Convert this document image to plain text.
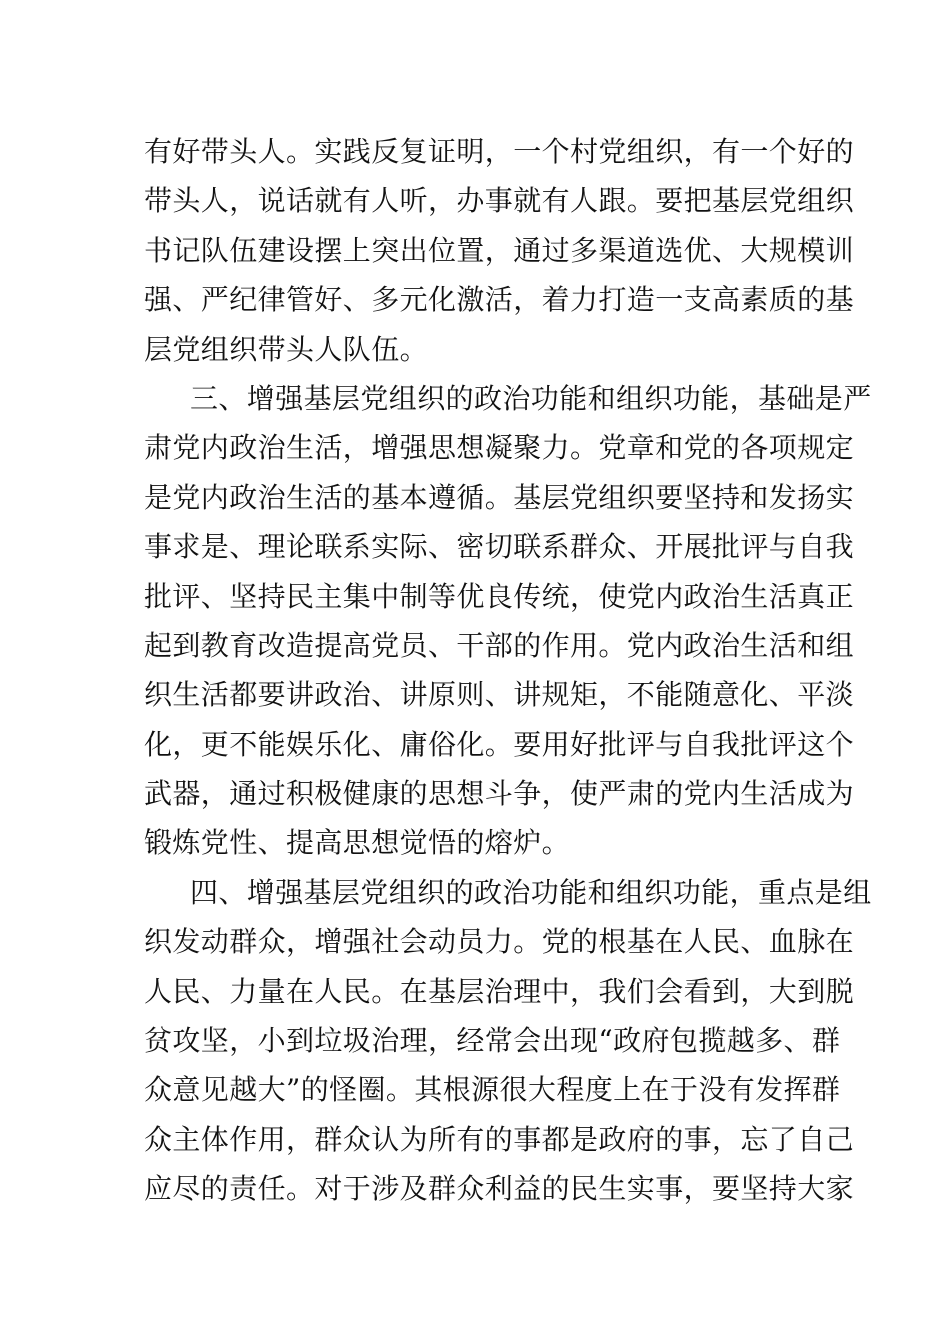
有好带头人。实践反复证明，一个村党组织，有一个好的
带头人，说话就有人听，办事就有人跟。要把基层党组织
书记队伍建设摆上突出位置，通过多渠道选优、大规模训
强、严纪律管好、多元化激活，着力打造一支高素质的基
层党组织带头人队伍。
三、增强基层党组织的政治功能和组织功能，基础是严
肃党内政治生活，增强思想凝聚力。党章和党的各项规定
是党内政治生活的基本遵循。基层党组织要坚持和发扬实
事求是、理论联系实际、密切联系群众、开展批评与自我
批评、坚持民主集中制等优良传统，使党内政治生活真正
起到教育改造提高党员、干部的作用。党内政治生活和组
织生活都要讲政治、讲原则、讲规矩，不能随意化、平淡
化，更不能娱乐化、庸俗化。要用好批评与自我批评这个
武器，通过积极健康的思想斗争，使严肃的党内生活成为
锻炼党性、提高思想觉悟的熔炉。
四、增强基层党组织的政治功能和组织功能，重点是组
织发动群众，增强社会动员力。党的根基在人民、血脉在
人民、力量在人民。在基层治理中，我们会看到，大到脱
贫攻坚，小到垃圾治理，经常会出现“政府包揽越多、群
众意见越大”的怪圈。其根源很大程度上在于没有发挥群
众主体作用，群众认为所有的事都是政府的事，忘了自己
应尽的责任。对于涉及群众利益的民生实事，要坚持大家
